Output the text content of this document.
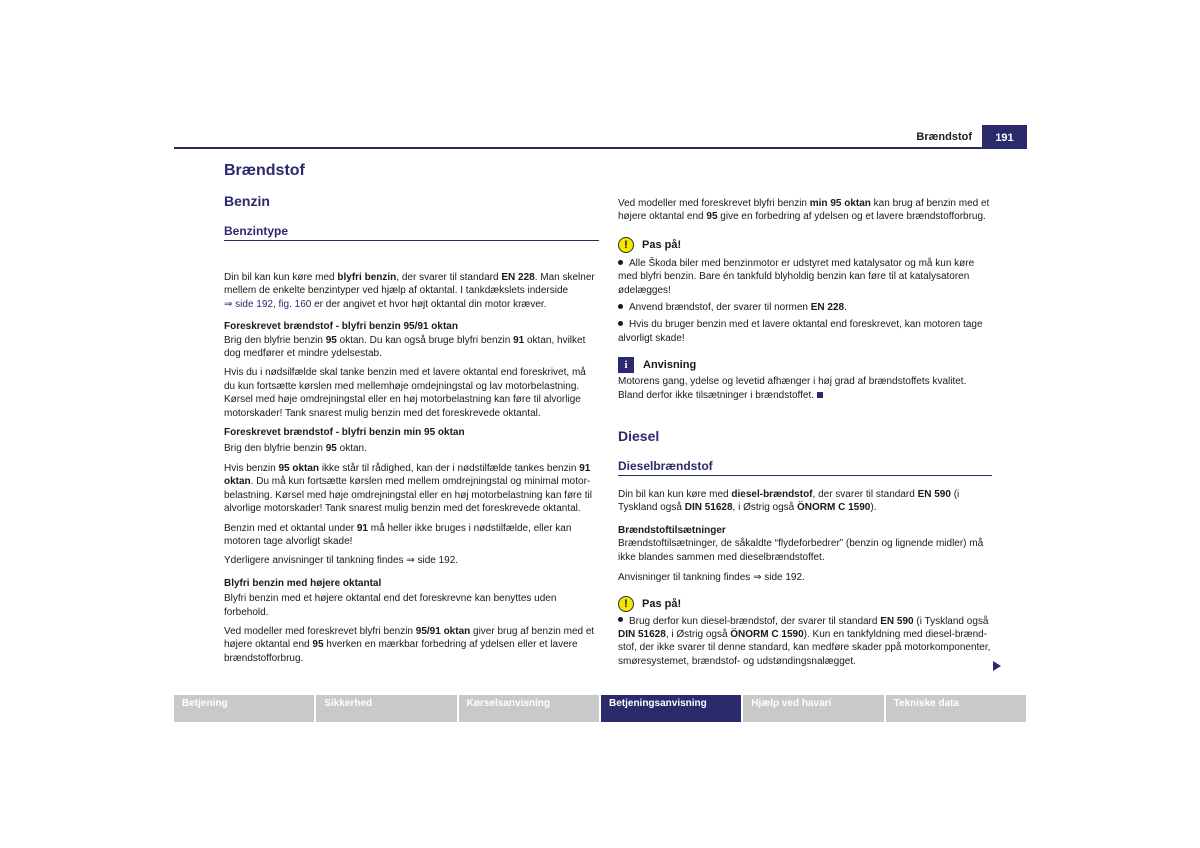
Brændstof	191
Brændstof
Benzin
Benzintype

Din bil kan kun køre med blyfri benzin, der svarer til standard EN 228. Man skelner mellem de enkelte benzintyper ved hjælp af oktantal. I tankdækslets inderside
⇒ side 192, fig. 160 er der angivet et hvor højt oktantal din motor kræver.

Foreskrevet brændstof - blyfri benzin 95/91 oktan

Brig den blyfrie benzin 95 oktan. Du kan også bruge blyfri benzin 91 oktan, hvilket dog medfører et mindre ydelsestab.

Hvis du i nødsilfælde skal tanke benzin med et lavere oktantal end foreskrivet, må du kun fortsætte kørslen med mellemhøje omdejningstal og lav motorbelastning. Kørsel med høje omdrejningstal eller en høj motorbelastning kan føre til alvorlige motorskader! Tank snarest mulig benzin med det foreskrevede oktantal.

Foreskrevet brændstof - blyfri benzin min 95 oktan

Brig den blyfrie benzin 95 oktan.

Hvis benzin 95 oktan ikke står til rådighed, kan der i nødstilfælde tankes benzin 91 oktan. Du må kun fortsætte kørslen med mellem omdrejningstal og minimal motorbelastning. Kørsel med høje omdrejningstal eller en høj motorbelastning kan føre til alvorlige motorskader! Tank snarest mulig benzin med det foreskrevede oktantal.

Benzin med et oktantal under 91 må heller ikke bruges i nødstilfælde, eller kan motoren tage alvorligt skade!

Yderligere anvisninger til tankning findes ⇒ side 192.

Blyfri benzin med højere oktantal

Blyfri benzin med et højere oktantal end det foreskrevne kan benyttes uden forbehold.

Ved modeller med foreskrevet blyfri benzin 95/91 oktan giver brug af benzin med et højere oktantal end 95 hverken en mærkbar forbedring af ydelsen eller et lavere brændstofforbrug.

Ved modeller med foreskrevet blyfri benzin min 95 oktan kan brug af benzin med et højere oktantal end 95 give en forbedring af ydelsen og et lavere brændstofforbrug.

!	Pas på!

Alle Škoda biler med benzinmotor er udstyret med katalysator og må kun køre med blyfri benzin. Bare én tankfuld blyholdig benzin kan føre til at katalysatoren ødelægges!

Anvend brændstof, der svarer til normen EN 228.

Hvis du bruger benzin med et lavere oktantal end foreskrevet, kan motoren tage alvorligt skade!

i	Anvisning

Motorens gang, ydelse og levetid afhænger i høj grad af brændstoffets kvalitet. Bland derfor ikke tilsætninger i brændstoffet.

Diesel
Dieselbrændstof

Din bil kan kun køre med diesel-brændstof, der svarer til standard EN 590 (i Tyskland også DIN 51628, i Østrig også ÖNORM C 1590).

Brændstoftilsætninger

Brændstoftilsætninger, de såkaldte “flydeforbedrer” (benzin og lignende midler) må ikke blandes sammen med dieselbrændstoffet.

Anvisninger til tankning findes ⇒ side 192.

!	Pas på!

Brug derfor kun diesel-brændstof, der svarer til standard EN 590 (i Tyskland også DIN 51628, i Østrig også ÖNORM C 1590). Kun en tankfyldning med diesel-brændstof, der ikke svarer til denne standard, kan medføre skader ppå motorkomponenter, smøresystemet, brændstof- og udstøndingsnalægget.

Betjening	Sikkerhed	Kørselsanvisning	Betjeningsanvisning	Hjælp ved havari	Tekniske data
